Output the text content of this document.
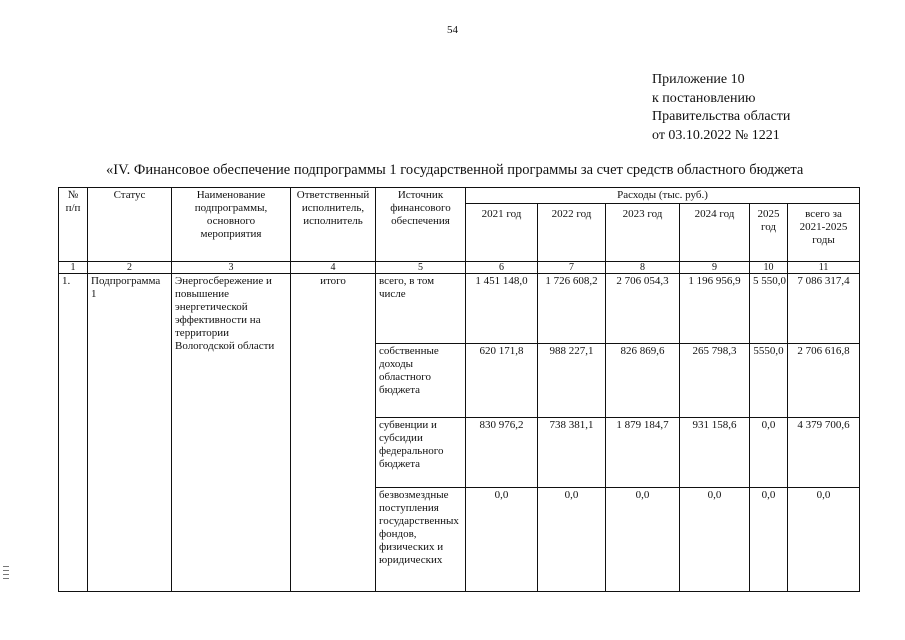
54
Приложение 10
к постановлению
Правительства области
от 03.10.2022 № 1221
«IV. Финансовое обеспечение подпрограммы 1 государственной программы за счет средств областного бюджета
№ п/п	Статус	Наименование подпрограммы, основного мероприятия	Ответственный исполнитель, исполнитель	Источник финансового обеспечения	Расходы (тыс. руб.)					
					2021 год	2022 год	2023 год	2024 год	2025 год	всего за 2021-2025 годы
1	2	3	4	5	6	7	8	9	10	11
1.	Подпрограмма 1	Энергосбережение и повышение энергетической эффективности на территории Вологодской области	итого	всего, в том числе	1 451 148,0	1 726 608,2	2 706 054,3	1 196 956,9	5 550,0	7 086 317,4
				собственные доходы областного бюджета	620 171,8	988 227,1	826 869,6	265 798,3	5550,0	2 706 616,8
				субвенции и субсидии федерального бюджета	830 976,2	738 381,1	1 879 184,7	931 158,6	0,0	4 379 700,6
				безвозмездные поступления государственных фондов, физических и юридических	0,0	0,0	0,0	0,0	0,0	0,0
